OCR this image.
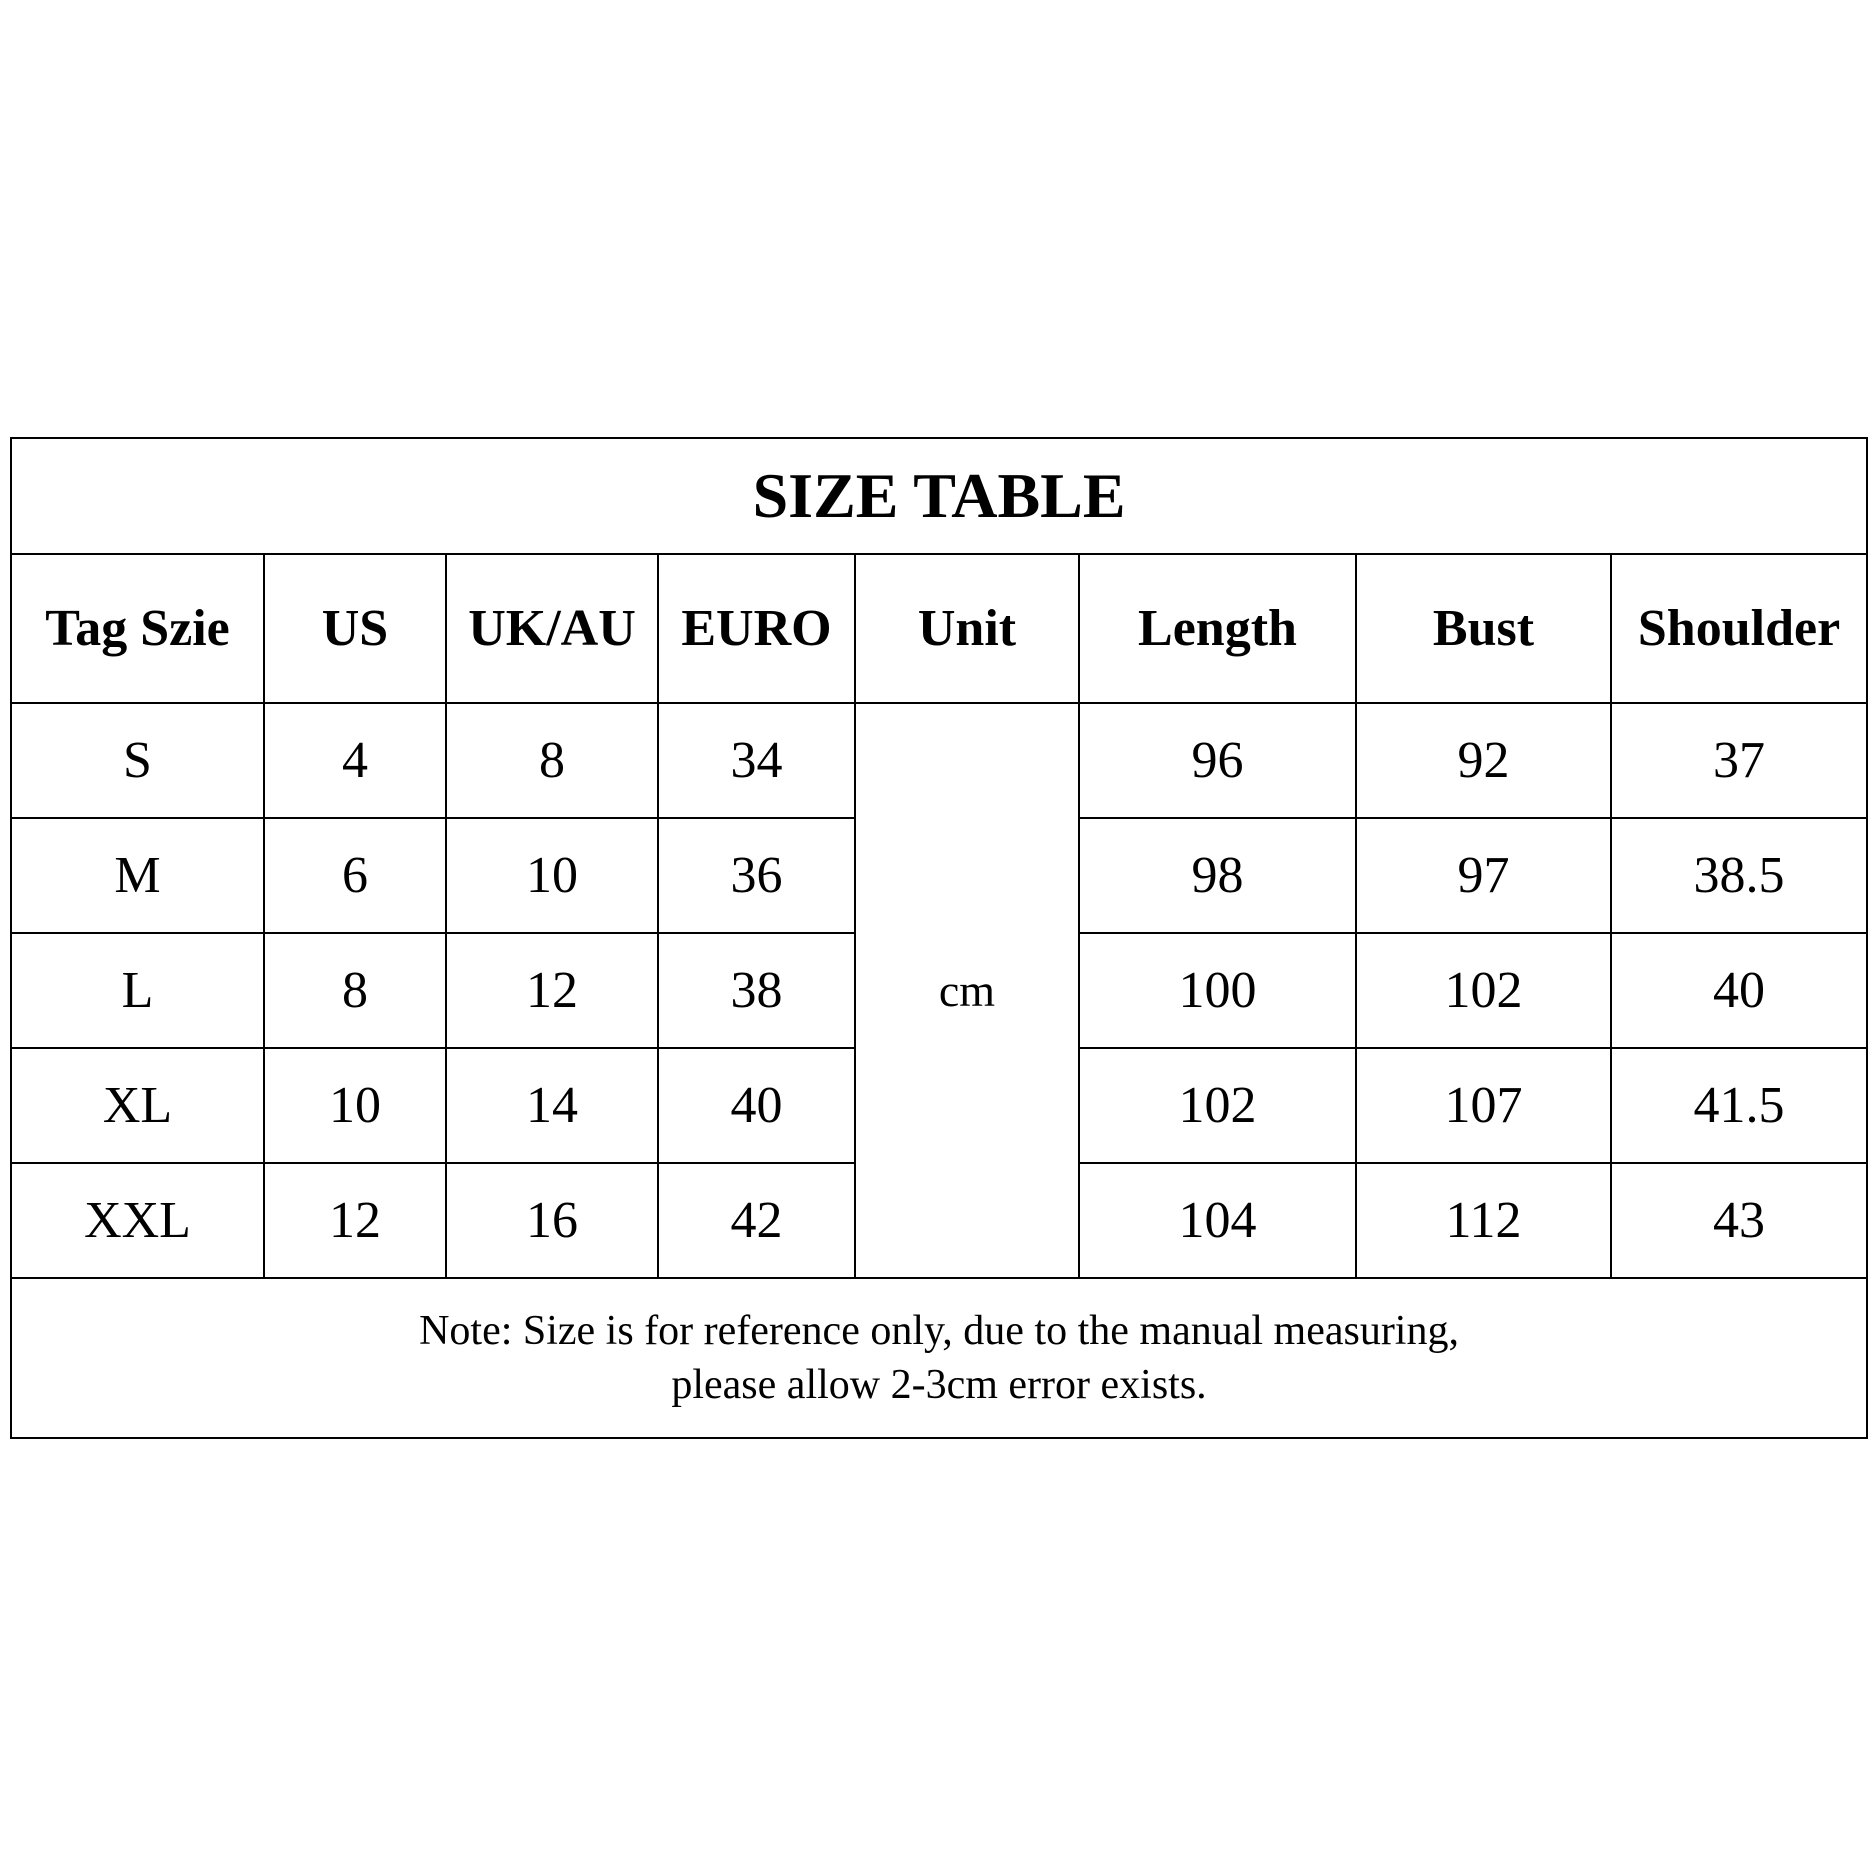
SIZE TABLE							
Tag Szie	US	UK/AU	EURO	Unit	Length	Bust	Shoulder
S	4	8	34	cm	96	92	37
M	6	10	36		98	97	38.5
L	8	12	38		100	102	40
XL	10	14	40		102	107	41.5
XXL	12	16	42		104	112	43

Note: Size is for reference only, due to the manual measuring,
please allow 2-3cm error exists.							
